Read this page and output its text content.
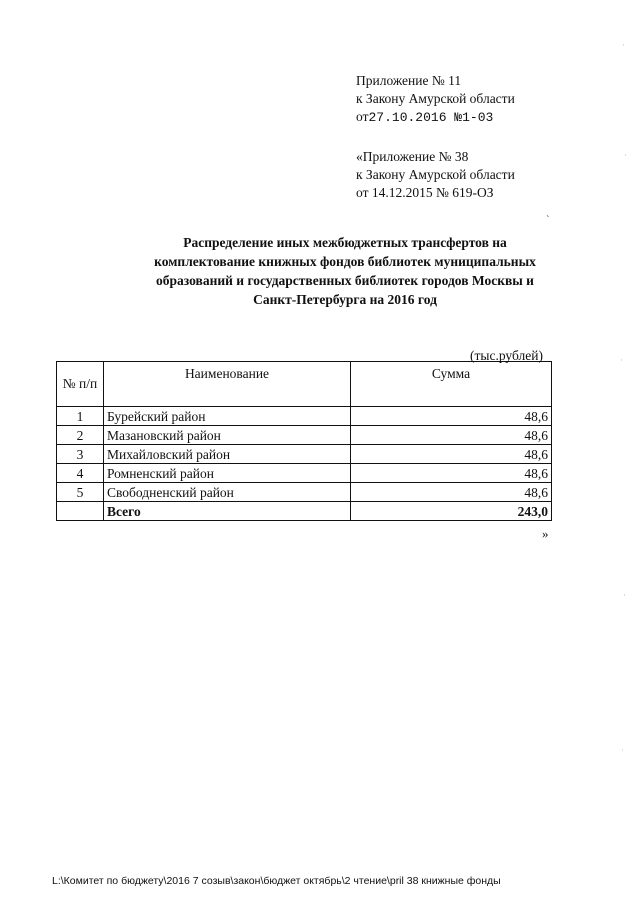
Приложение № 11
к Закону Амурской области
от27.10.2016 №1-03
«Приложение № 38
к Закону Амурской области
от 14.12.2015 № 619-ОЗ
Распределение иных межбюджетных трансфертов на
комплектование книжных фондов библиотек муниципальных
образований и государственных библиотек городов Москвы и
Санкт-Петербурга на 2016 год
(тыс.рублей)
№ п/п	Наименование	Сумма
1	Бурейский район	48,6
2	Мазановский район	48,6
3	Михайловский район	48,6
4	Ромненский район	48,6
5	Свободненский район	48,6
	Всего	243,0
»
L:\Комитет по бюджету\2016 7 созыв\закон\бюджет октябрь\2 чтение\pril 38 книжные фонды
·
·
·
·
·
`
